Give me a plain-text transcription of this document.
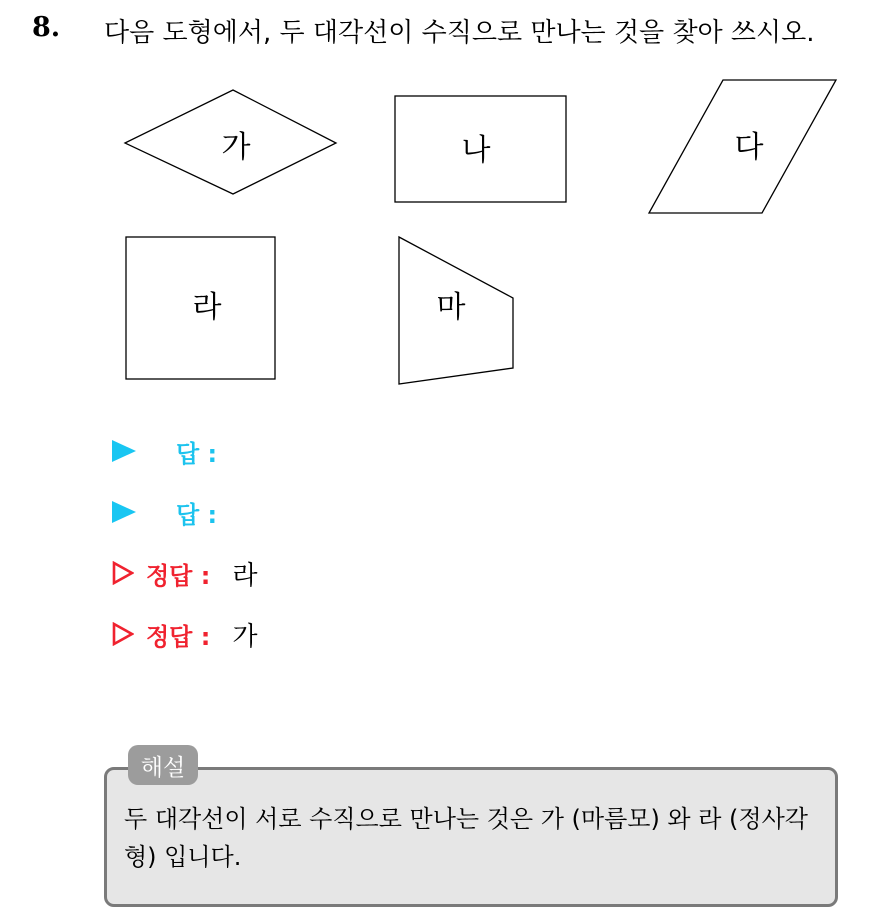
8. 다음 도형에서, 두 대각선이 수직으로 만나는 것을 찾아 쓰시오.
가	나	다
라	마
답 :
답 :
정답 : 라
정답 : 가
해설
두 대각선이 서로 수직으로 만나는 것은 가 (마름모) 와 라 (정사각형) 입니다.
